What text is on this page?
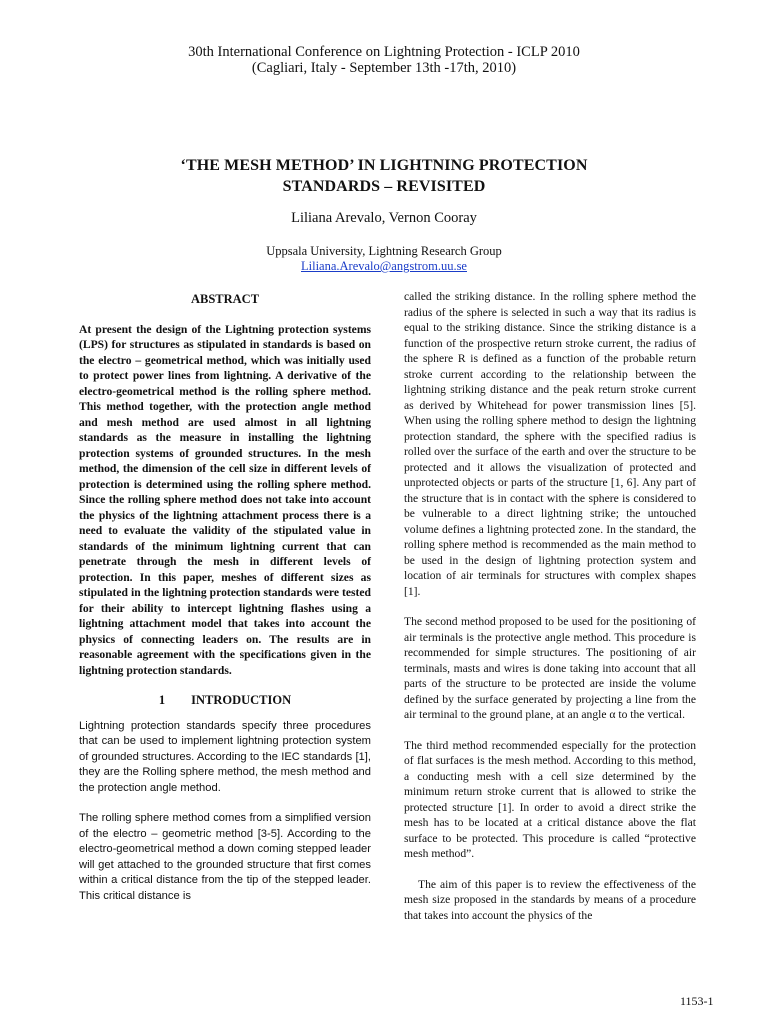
30th International Conference on Lightning Protection - ICLP 2010
(Cagliari, Italy - September 13th -17th, 2010)
‘THE MESH METHOD’ IN LIGHTNING PROTECTION
STANDARDS – REVISITED
Liliana Arevalo, Vernon Cooray
Uppsala University, Lightning Research Group
Liliana.Arevalo@angstrom.uu.se
ABSTRACT

At present the design of the Lightning protection systems (LPS) for structures as stipulated in standards is based on the electro – geometrical method, which was initially used to protect power lines from lightning. A derivative of the electro-geometrical method is the rolling sphere method. This method together, with the protection angle method and mesh method are used almost in all lightning standards as the measure in installing the lightning protection systems of grounded structures. In the mesh method, the dimension of the cell size in different levels of protection is determined using the rolling sphere method. Since the rolling sphere method does not take into account the physics of the lightning attachment process there is a need to evaluate the validity of the stipulated value in standards of the minimum lightning current that can penetrate through the mesh in different levels of protection. In this paper, meshes of different sizes as stipulated in the lightning protection standards were tested for their ability to intercept lightning flashes using a lightning attachment model that takes into account the physics of connecting leaders on. The results are in reasonable agreement with the specifications given in the lightning protection standards.

1 INTRODUCTION

Lightning protection standards specify three procedures that can be used to implement lightning protection system of grounded structures. According to the IEC standards [1], they are the Rolling sphere method, the mesh method and the protection angle method.

The rolling sphere method comes from a simplified version of the electro – geometric method [3-5]. According to the electro-geometrical method a down coming stepped leader will get attached to the grounded structure that first comes within a critical distance from the tip of the stepped leader. This critical distance is

called the striking distance. In the rolling sphere method the radius of the sphere is selected in such a way that its radius is equal to the striking distance. Since the striking distance is a function of the prospective return stroke current, the radius of the sphere R is defined as a function of the probable return stroke current according to the relationship between the lightning striking distance and the peak return stroke current as derived by Whitehead for power transmission lines [5]. When using the rolling sphere method to design the lightning protection standard, the sphere with the specified radius is rolled over the surface of the earth and over the structure to be protected and it allows the visualization of protected and unprotected objects or parts of the structure [1, 6]. Any part of the structure that is in contact with the sphere is considered to be vulnerable to a direct lightning strike; the untouched volume defines a lightning protected zone. In the standard, the rolling sphere method is recommended as the main method to be used in the design of lightning protection system and location of air terminals for structures with complex shapes [1].

The second method proposed to be used for the positioning of air terminals is the protective angle method. This procedure is recommended for simple structures. The positioning of air terminals, masts and wires is done taking into account that all parts of the structure to be protected are inside the volume defined by the surface generated by projecting a line from the air terminal to the ground plane, at an angle α to the vertical.

The third method recommended especially for the protection of flat surfaces is the mesh method. According to this method, a conducting mesh with a cell size determined by the minimum return stroke current that is allowed to strike the protected structure [1]. In order to avoid a direct strike the mesh has to be located at a critical distance above the flat surface to be protected. This procedure is called “protective mesh method”.

The aim of this paper is to review the effectiveness of the mesh size proposed in the standards by means of a procedure that takes into account the physics of the

1153-1
